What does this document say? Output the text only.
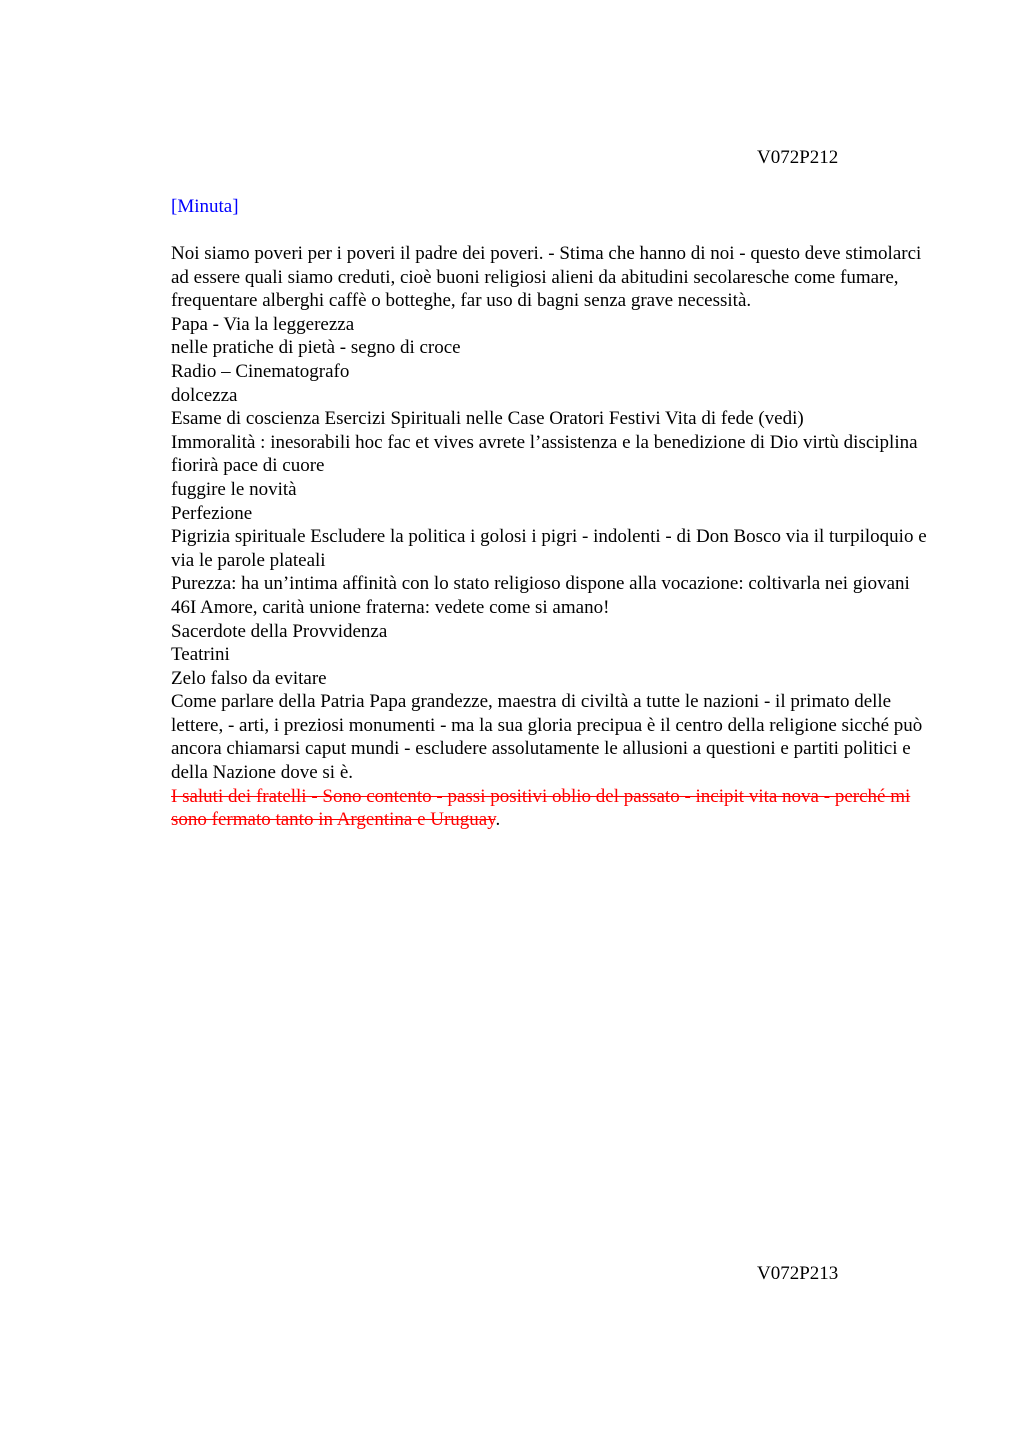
V072P212
[Minuta]

Noi siamo poveri per i poveri il padre dei poveri. - Stima che hanno di noi - questo deve stimolarci ad essere quali siamo creduti, cioè buoni religiosi alieni da abitudini secolaresche come fumare, frequentare alberghi caffè o botteghe, far uso di bagni senza grave necessità.

Papa - Via la leggerezza

nelle pratiche di pietà - segno di croce

Radio – Cinematografo

dolcezza

Esame di coscienza Esercizi Spirituali nelle Case Oratori Festivi Vita di fede (vedi)

Immoralità : inesorabili hoc fac et vives avrete l’assistenza e la benedizione di Dio virtù disciplina fiorirà pace di cuore

fuggire le novità

Perfezione

Pigrizia spirituale Escludere la politica i golosi i pigri - indolenti - di Don Bosco via il turpiloquio e via le parole plateali

Purezza: ha un’intima affinità con lo stato religioso dispone alla vocazione: coltivarla nei giovani 46I Amore, carità unione fraterna: vedete come si amano!

Sacerdote della Provvidenza

Teatrini

Zelo falso da evitare

Come parlare della Patria Papa grandezze, maestra di civiltà a tutte le nazioni - il primato delle lettere, - arti, i preziosi monumenti - ma la sua gloria precipua è il centro della religione sicché può ancora chiamarsi caput mundi - escludere assolutamente le allusioni a questioni e partiti politici e della Nazione dove si è.

I saluti dei fratelli - Sono contento - passi positivi oblio del passato - incipit vita nova - perché mi sono fermato tanto in Argentina e Uruguay.

V072P213
